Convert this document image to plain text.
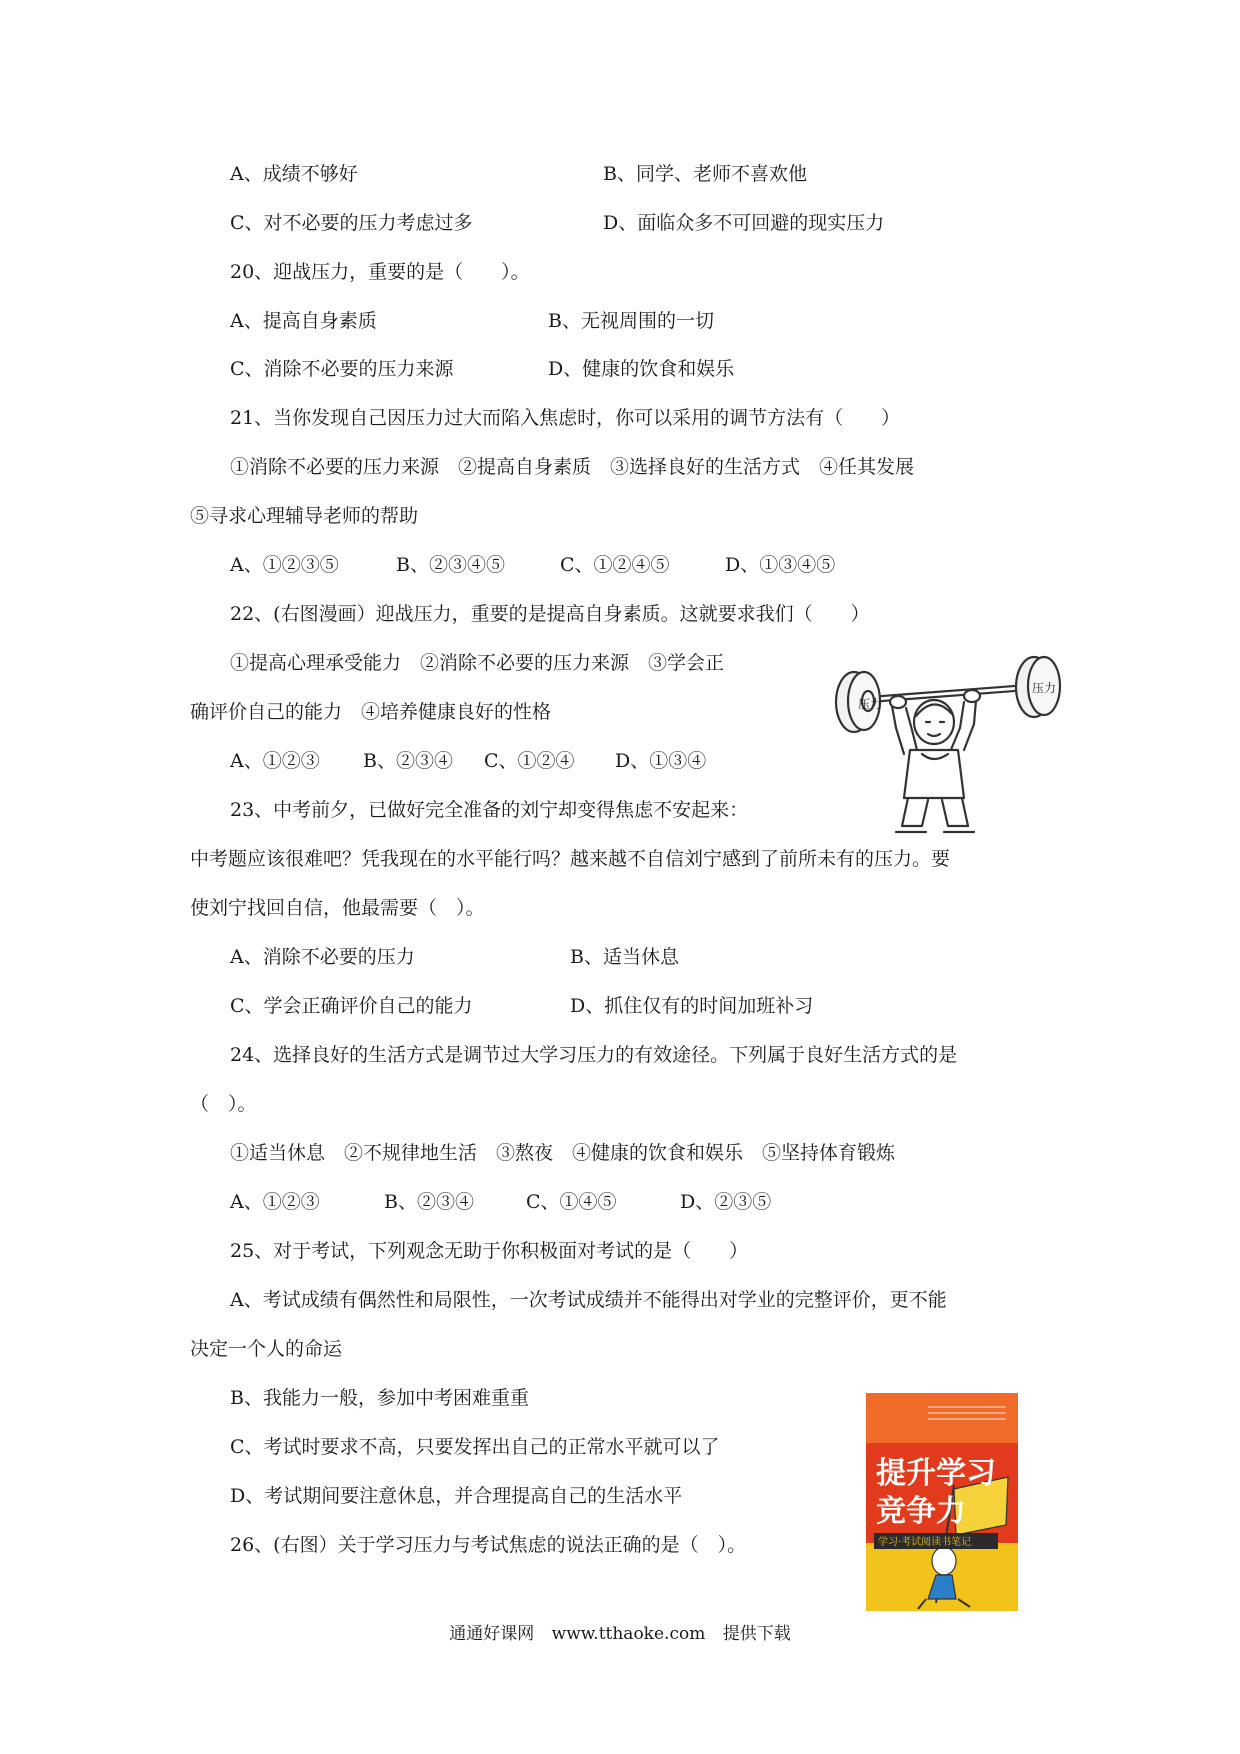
A、成绩不够好	B、同学、老师不喜欢他
C、对不必要的压力考虑过多	D、面临众多不可回避的现实压力
20、迎战压力，重要的是（　　）。
A、提高自身素质	B、无视周围的一切
C、消除不必要的压力来源	D、健康的饮食和娱乐
21、当你发现自己因压力过大而陷入焦虑时，你可以采用的调节方法有（　　）
①消除不必要的压力来源　②提高自身素质　③选择良好的生活方式　④任其发展
⑤寻求心理辅导老师的帮助
A、①②③⑤	B、②③④⑤	C、①②④⑤	D、①③④⑤
22、(右图漫画）迎战压力，重要的是提高自身素质。这就要求我们（　　）
①提高心理承受能力　②消除不必要的压力来源　③学会正
确评价自己的能力　④培养健康良好的性格
A、①②③ B、②③④ C、①②④ D、①③④
压力
压力
23、中考前夕，已做好完全准备的刘宁却变得焦虑不安起来：
中考题应该很难吧？凭我现在的水平能行吗？越来越不自信刘宁感到了前所未有的压力。要
使刘宁找回自信，他最需要（　）。
A、消除不必要的压力	B、适当休息
C、学会正确评价自己的能力	D、抓住仅有的时间加班补习
24、选择良好的生活方式是调节过大学习压力的有效途径。下列属于良好生活方式的是
（　）。
①适当休息　②不规律地生活　③熬夜　④健康的饮食和娱乐　⑤坚持体育锻炼
A、①②③	B、②③④	C、①④⑤	D、②③⑤
25、对于考试，下列观念无助于你积极面对考试的是（　　）
A、考试成绩有偶然性和局限性，一次考试成绩并不能得出对学业的完整评价，更不能
决定一个人的命运
B、我能力一般，参加中考困难重重
C、考试时要求不高，只要发挥出自己的正常水平就可以了
D、考试期间要注意休息，并合理提高自己的生活水平
26、(右图）关于学习压力与考试焦虑的说法正确的是（　）。
提升学习
竞争力
学习·考试阅读书笔记
通通好课网 www.tthaoke.com 提供下载
